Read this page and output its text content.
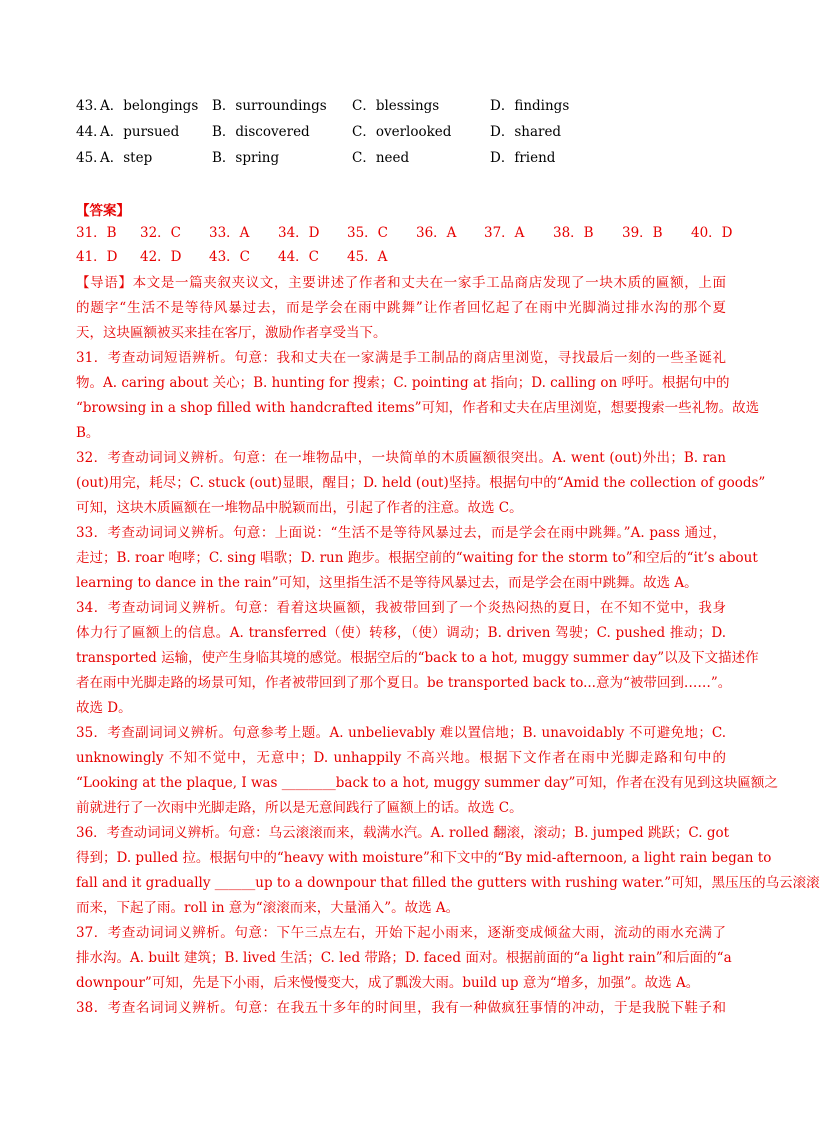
43．
A．belongings B．surroundings C．blessings	D．findings
44．
A．pursued B．discovered	C．overlooked	D．shared
45．
A．step	B．spring	C．need	D．friend
【答案】
31．B 32．C 33．A 34．D 35．C 36．A 37．A 38．B 39．B 40．D
41．D 42．D 43．C 44．C 45．A
【导语】本文是一篇夹叙夹议文，主要讲述了作者和丈夫在一家手工品商店发现了一块木质的匾额，上面
的题字“生活不是等待风暴过去，而是学会在雨中跳舞”让作者回忆起了在雨中光脚淌过排水沟的那个夏
天，这块匾额被买来挂在客厅，激励作者享受当下。
31．考查动词短语辨析。句意：我和丈夫在一家满是手工制品的商店里浏览，寻找最后一刻的一些圣诞礼
物。A. caring about 关心；B. hunting for 搜索；C. pointing at 指向；D. calling on 呼吁。根据句中的
“browsing in a shop filled with handcrafted items”可知，作者和丈夫在店里浏览，想要搜索一些礼物。故选
B。
32．考查动词词义辨析。句意：在一堆物品中，一块简单的木质匾额很突出。A. went (out)外出；B. ran
(out)用完，耗尽；C. stuck (out)显眼，醒目；D. held (out)坚持。根据句中的“Amid the collection of goods”
可知，这块木质匾额在一堆物品中脱颖而出，引起了作者的注意。故选 C。
33．考查动词词义辨析。句意：上面说：“生活不是等待风暴过去，而是学会在雨中跳舞。”A. pass 通过，
走过；B. roar 咆哮；C. sing 唱歌；D. run 跑步。根据空前的“waiting for the storm to”和空后的“it’s about
learning to dance in the rain”可知，这里指生活不是等待风暴过去，而是学会在雨中跳舞。故选 A。
34．考查动词词义辨析。句意：看着这块匾额，我被带回到了一个炎热闷热的夏日，在不知不觉中，我身
体力行了匾额上的信息。A. transferred（使）转移，（使）调动；B. driven 驾驶；C. pushed 推动；D.
transported 运输，使产生身临其境的感觉。根据空后的“back to a hot, muggy summer day”以及下文描述作
者在雨中光脚走路的场景可知，作者被带回到了那个夏日。be transported back to...意为“被带回到……”。
故选 D。
35．考查副词词义辨析。句意参考上题。A. unbelievably 难以置信地；B. unavoidably 不可避免地；C.
unknowingly 不知不觉中，无意中；D. unhappily 不高兴地。根据下文作者在雨中光脚走路和句中的
“Looking at the plaque, I was ________back to a hot, muggy summer day”可知，作者在没有见到这块匾额之
前就进行了一次雨中光脚走路，所以是无意间践行了匾额上的话。故选 C。
36．考查动词词义辨析。句意：乌云滚滚而来，载满水汽。A. rolled 翻滚，滚动；B. jumped 跳跃；C. got
得到；D. pulled 拉。根据句中的“heavy with moisture”和下文中的“By mid-afternoon, a light rain began to
fall and it gradually ______up to a downpour that filled the gutters with rushing water.”可知，黑压压的乌云滚滚
而来，下起了雨。roll in 意为“滚滚而来，大量涌入”。故选 A。
37．考查动词词义辨析。句意：下午三点左右，开始下起小雨来，逐渐变成倾盆大雨，流动的雨水充满了
排水沟。A. built 建筑；B. lived 生活；C. led 带路；D. faced 面对。根据前面的“a light rain”和后面的“a
downpour”可知，先是下小雨，后来慢慢变大，成了瓢泼大雨。build up 意为“增多，加强”。故选 A。
38．考查名词词义辨析。句意：在我五十多年的时间里，我有一种做疯狂事情的冲动，于是我脱下鞋子和
